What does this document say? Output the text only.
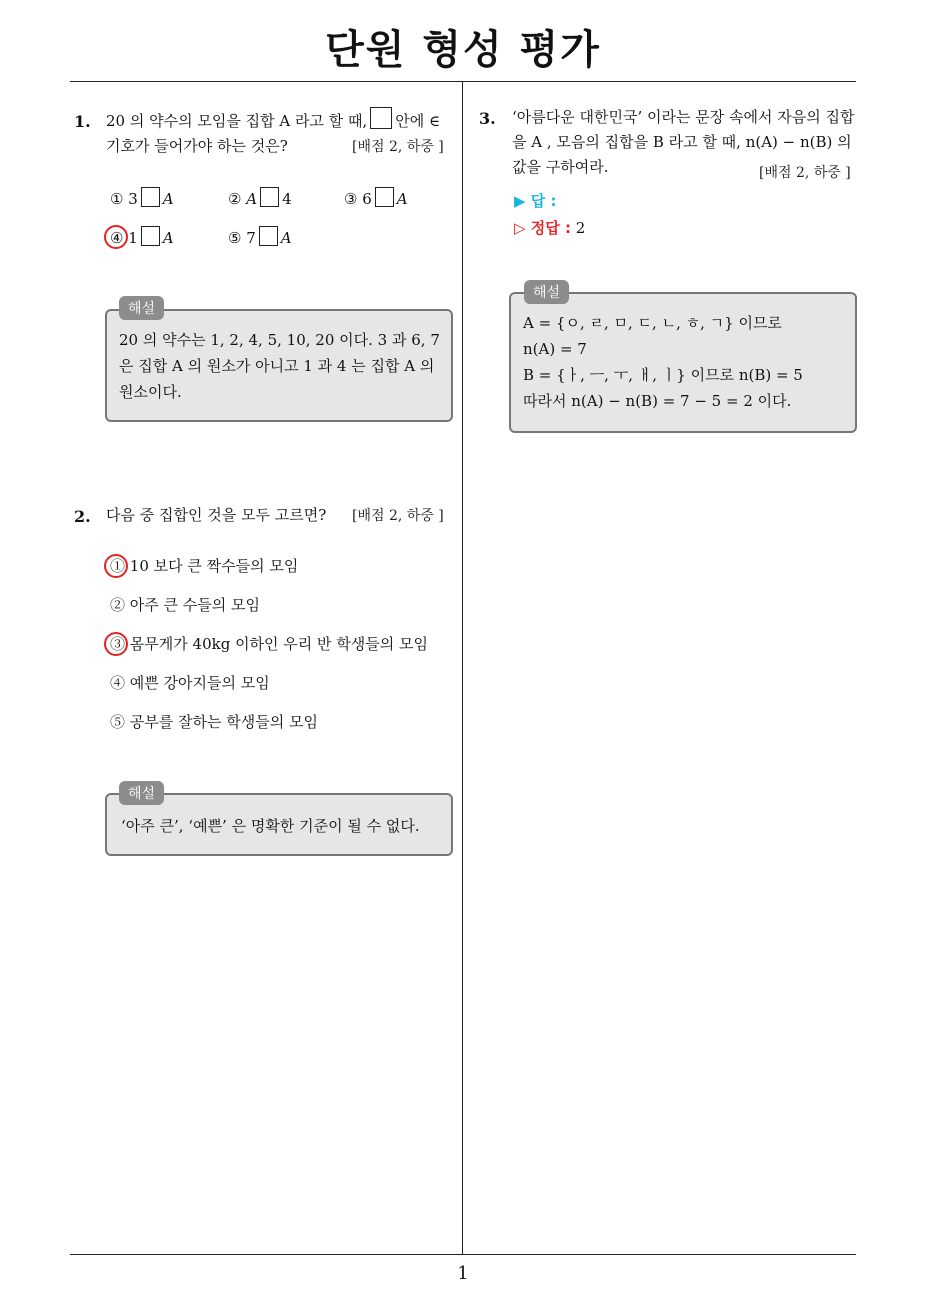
단원 형성 평가
1. 20 의 약수의 모임을 집합 A 라고 할 때, 안에 ∈
기호가 들어가야 하는 것은?	[배점 2, 하중 ]
① 3 A	② A 4	③ 6 A
④ 1 A	⑤ 7 A
20 의 약수는 1, 2, 4, 5, 10, 20 이다. 3 과 6, 7
은 집합 A 의 원소가 아니고 1 과 4 는 집합 A 의
원소이다.
해설
2. 다음 중 집합인 것을 모두 고르면? [배점 2, 하중 ]
① 10 보다 큰 짝수들의 모임
② 아주 큰 수들의 모임
③ 몸무게가 40kg 이하인 우리 반 학생들의 모임
④ 예쁜 강아지들의 모임
⑤ 공부를 잘하는 학생들의 모임
‘아주 큰’, ‘예쁜’ 은 명확한 기준이 될 수 없다.
해설
3. ‘아름다운 대한민국’ 이라는 문장 속에서 자음의 집합
을 A , 모음의 집합을 B 라고 할 때, n(A) − n(B) 의
값을 구하여라.	[배점 2, 하중 ]
▶ 답 :
▷ 정답 : 2
A = {ㅇ, ㄹ, ㅁ, ㄷ, ㄴ, ㅎ, ㄱ} 이므로
n(A) = 7
B = {ㅏ, ㅡ, ㅜ, ㅐ, ㅣ} 이므로 n(B) = 5
따라서 n(A) − n(B) = 7 − 5 = 2 이다.
해설
1
